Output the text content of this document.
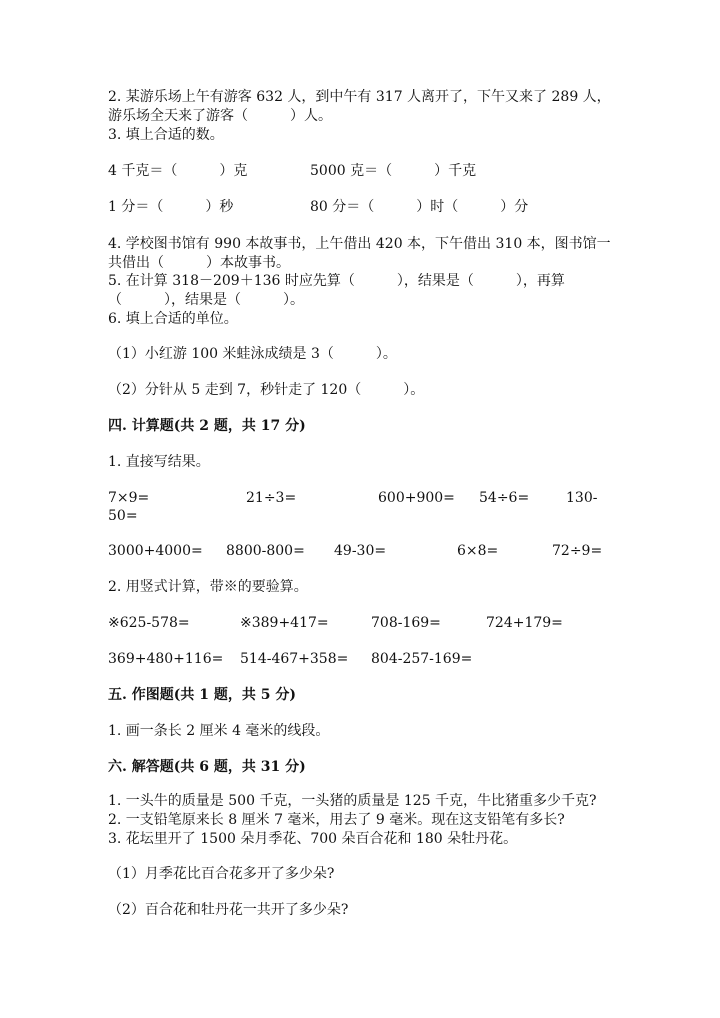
2. 某游乐场上午有游客 632 人，到中午有 317 人离开了，下午又来了 289 人，
游乐场全天来了游客（　　　）人。
3. 填上合适的数。
4 千克＝（　　　）克	5000 克＝（　　　）千克
1 分＝（　　　）秒	80 分＝（　　　）时（　　　）分
4. 学校图书馆有 990 本故事书，上午借出 420 本，下午借出 310 本，图书馆一
共借出（　　　）本故事书。
5. 在计算 318－209＋136 时应先算（　　　），结果是（　　　），再算
（　　　），结果是（　　　）。
6. 填上合适的单位。
（1）小红游 100 米蛙泳成绩是 3（　　　）。
（2）分针从 5 走到 7，秒针走了 120（　　　）。
四. 计算题(共 2 题，共 17 分)
1. 直接写结果。
7×9=	21÷3=	600+900= 54÷6=	130-
50=
3000+4000= 8800-800= 49-30=	6×8=	72÷9=
2. 用竖式计算，带※的要验算。
※625-578=	※389+417=	708-169=	724+179=
369+480+116= 514-467+358= 804-257-169=
五. 作图题(共 1 题，共 5 分)
1. 画一条长 2 厘米 4 毫米的线段。
六. 解答题(共 6 题，共 31 分)
1. 一头牛的质量是 500 千克，一头猪的质量是 125 千克，牛比猪重多少千克?
2. 一支铅笔原来长 8 厘米 7 毫米，用去了 9 毫米。现在这支铅笔有多长?
3. 花坛里开了 1500 朵月季花、700 朵百合花和 180 朵牡丹花。
（1）月季花比百合花多开了多少朵?
（2）百合花和牡丹花一共开了多少朵?
